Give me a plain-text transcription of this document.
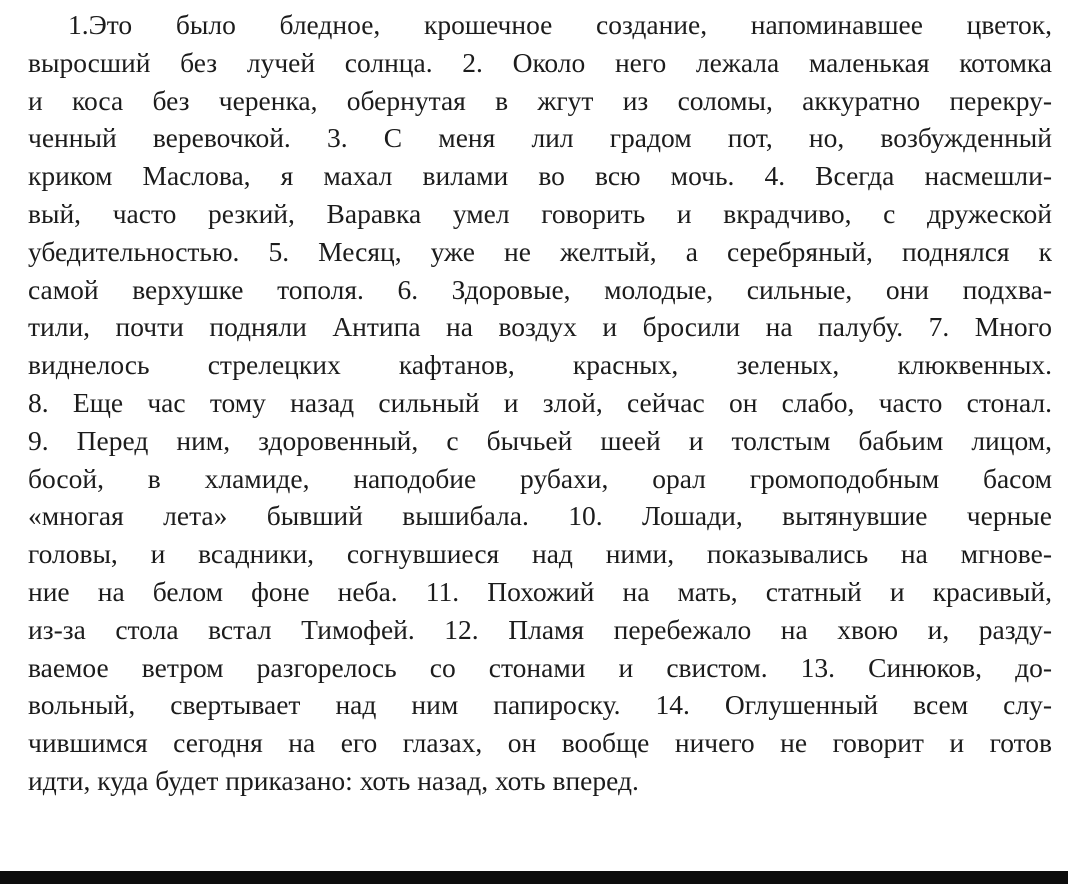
1.Это было бледное, крошечное создание, напоминавшее цветок,
выросший без лучей солнца. 2. Около него лежала маленькая котомка
и коса без черенка, обернутая в жгут из соломы, аккуратно перекру-
ченный веревочкой. 3. С меня лил градом пот, но, возбужденный
криком Маслова, я махал вилами во всю мочь. 4. Всегда насмешли-
вый, часто резкий, Варавка умел говорить и вкрадчиво, с дружеской
убедительностью. 5. Месяц, уже не желтый, а серебряный, поднялся к
самой верхушке тополя. 6. Здоровые, молодые, сильные, они подхва-
тили, почти подняли Антипа на воздух и бросили на палубу. 7. Много
виднелось стрелецких кафтанов, красных, зеленых, клюквенных.
8. Еще час тому назад сильный и злой, сейчас он слабо, часто стонал.
9. Перед ним, здоровенный, с бычьей шеей и толстым бабьим лицом,
босой, в хламиде, наподобие рубахи, орал громоподобным басом
«многая лета» бывший вышибала. 10. Лошади, вытянувшие черные
головы, и всадники, согнувшиеся над ними, показывались на мгнове-
ние на белом фоне неба. 11. Похожий на мать, статный и красивый,
из-за стола встал Тимофей. 12. Пламя перебежало на хвою и, разду-
ваемое ветром разгорелось со стонами и свистом. 13. Синюков, до-
вольный, свертывает над ним папироску. 14. Оглушенный всем слу-
чившимся сегодня на его глазах, он вообще ничего не говорит и готов
идти, куда будет приказано: хоть назад, хоть вперед.
